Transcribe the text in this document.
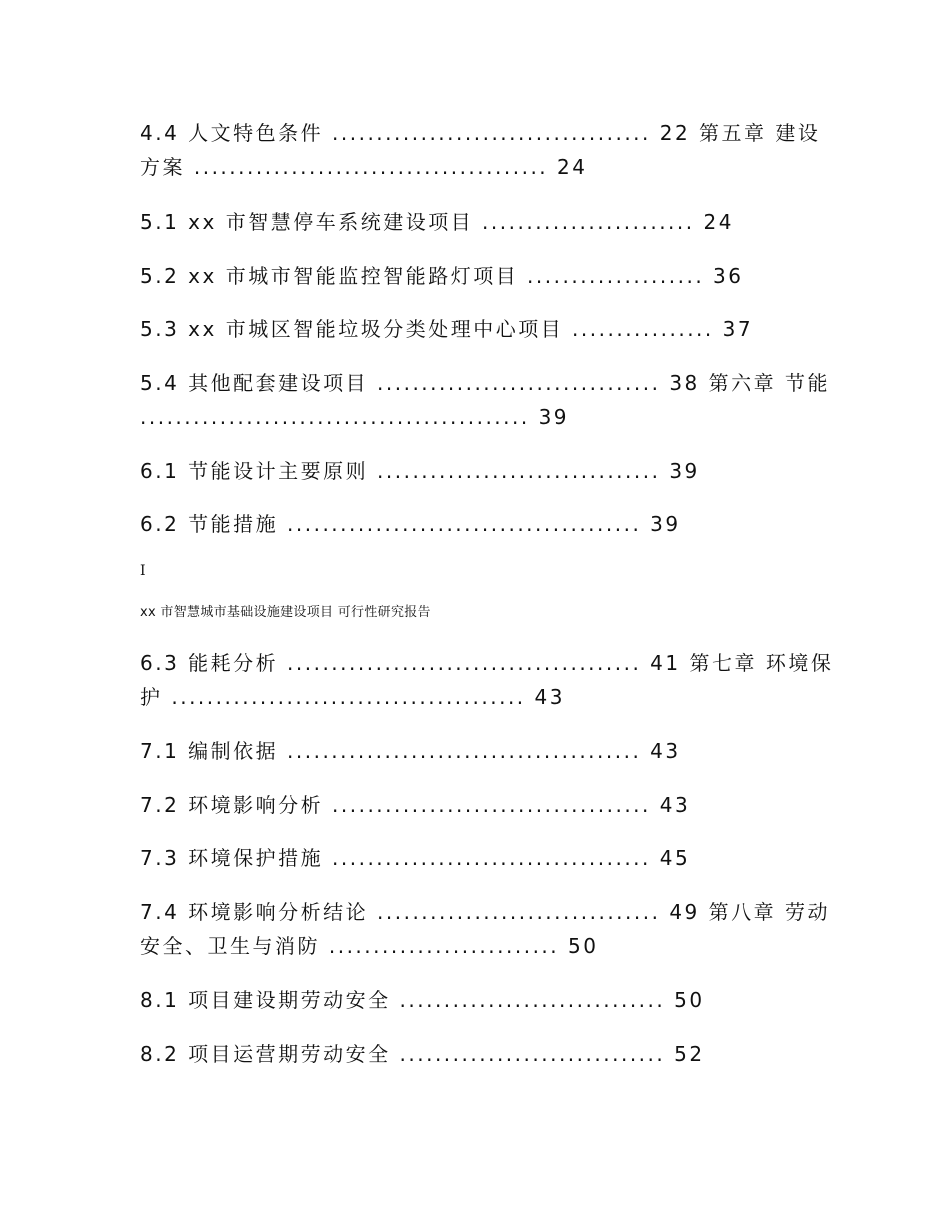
4.4 人文特色条件 .................................... 22 第五章 建设
方案 ........................................ 24
5.1 xx 市智慧停车系统建设项目 ........................ 24
5.2 xx 市城市智能监控智能路灯项目 .................... 36
5.3 xx 市城区智能垃圾分类处理中心项目 ................ 37
5.4 其他配套建设项目 ................................ 38 第六章 节能
............................................ 39
6.1 节能设计主要原则 ................................ 39
6.2 节能措施 ........................................ 39
I
xx 市智慧城市基础设施建设项目 可行性研究报告
6.3 能耗分析 ........................................ 41 第七章 环境保
护 ........................................ 43
7.1 编制依据 ........................................ 43
7.2 环境影响分析 .................................... 43
7.3 环境保护措施 .................................... 45
7.4 环境影响分析结论 ................................ 49 第八章 劳动
安全、卫生与消防 .......................... 50
8.1 项目建设期劳动安全 .............................. 50
8.2 项目运营期劳动安全 .............................. 52
